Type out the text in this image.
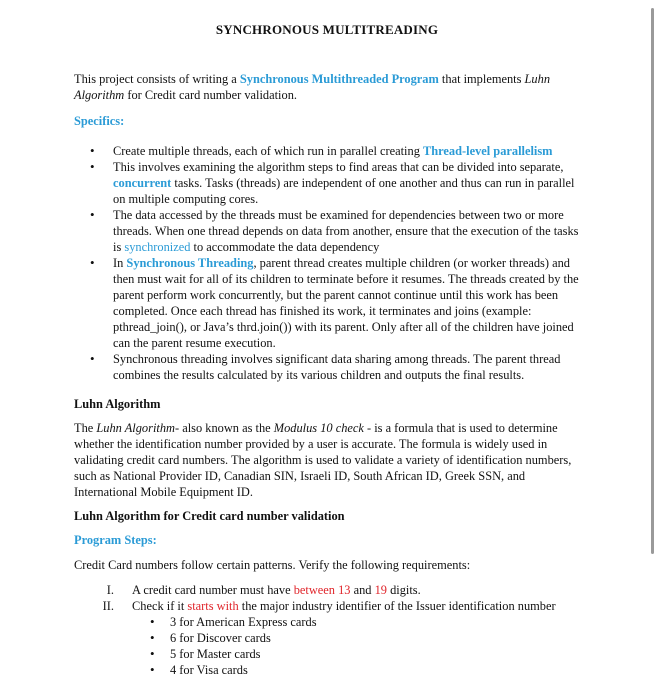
SYNCHRONOUS MULTITREADING

This project consists of writing a Synchronous Multithreaded Program that implements Luhn Algorithm for Credit card number validation.

Specifics:

• Create multiple threads, each of which run in parallel creating Thread-level parallelism
• This involves examining the algorithm steps to find areas that can be divided into separate, concurrent tasks. Tasks (threads) are independent of one another and thus can run in parallel on multiple computing cores.
• The data accessed by the threads must be examined for dependencies between two or more threads. When one thread depends on data from another, ensure that the execution of the tasks is synchronized to accommodate the data dependency
• In Synchronous Threading, parent thread creates multiple children (or worker threads) and then must wait for all of its children to terminate before it resumes. The threads created by the parent perform work concurrently, but the parent cannot continue until this work has been completed. Once each thread has finished its work, it terminates and joins (example: pthread_join(), or Java’s thrd.join()) with its parent. Only after all of the children have joined can the parent resume execution.
• Synchronous threading involves significant data sharing among threads. The parent thread combines the results calculated by its various children and outputs the final results.

Luhn Algorithm

The Luhn Algorithm- also known as the Modulus 10 check - is a formula that is used to determine whether the identification number provided by a user is accurate. The formula is widely used in validating credit card numbers. The algorithm is used to validate a variety of identification numbers, such as National Provider ID, Canadian SIN, Israeli ID, South African ID, Greek SSN, and International Mobile Equipment ID.

Luhn Algorithm for Credit card number validation

Program Steps:

Credit Card numbers follow certain patterns. Verify the following requirements:

I. A credit card number must have between 13 and 19 digits.
II. Check if it starts with the major industry identifier of the Issuer identification number
• 3 for American Express cards
• 6 for Discover cards
• 5 for Master cards
• 4 for Visa cards
